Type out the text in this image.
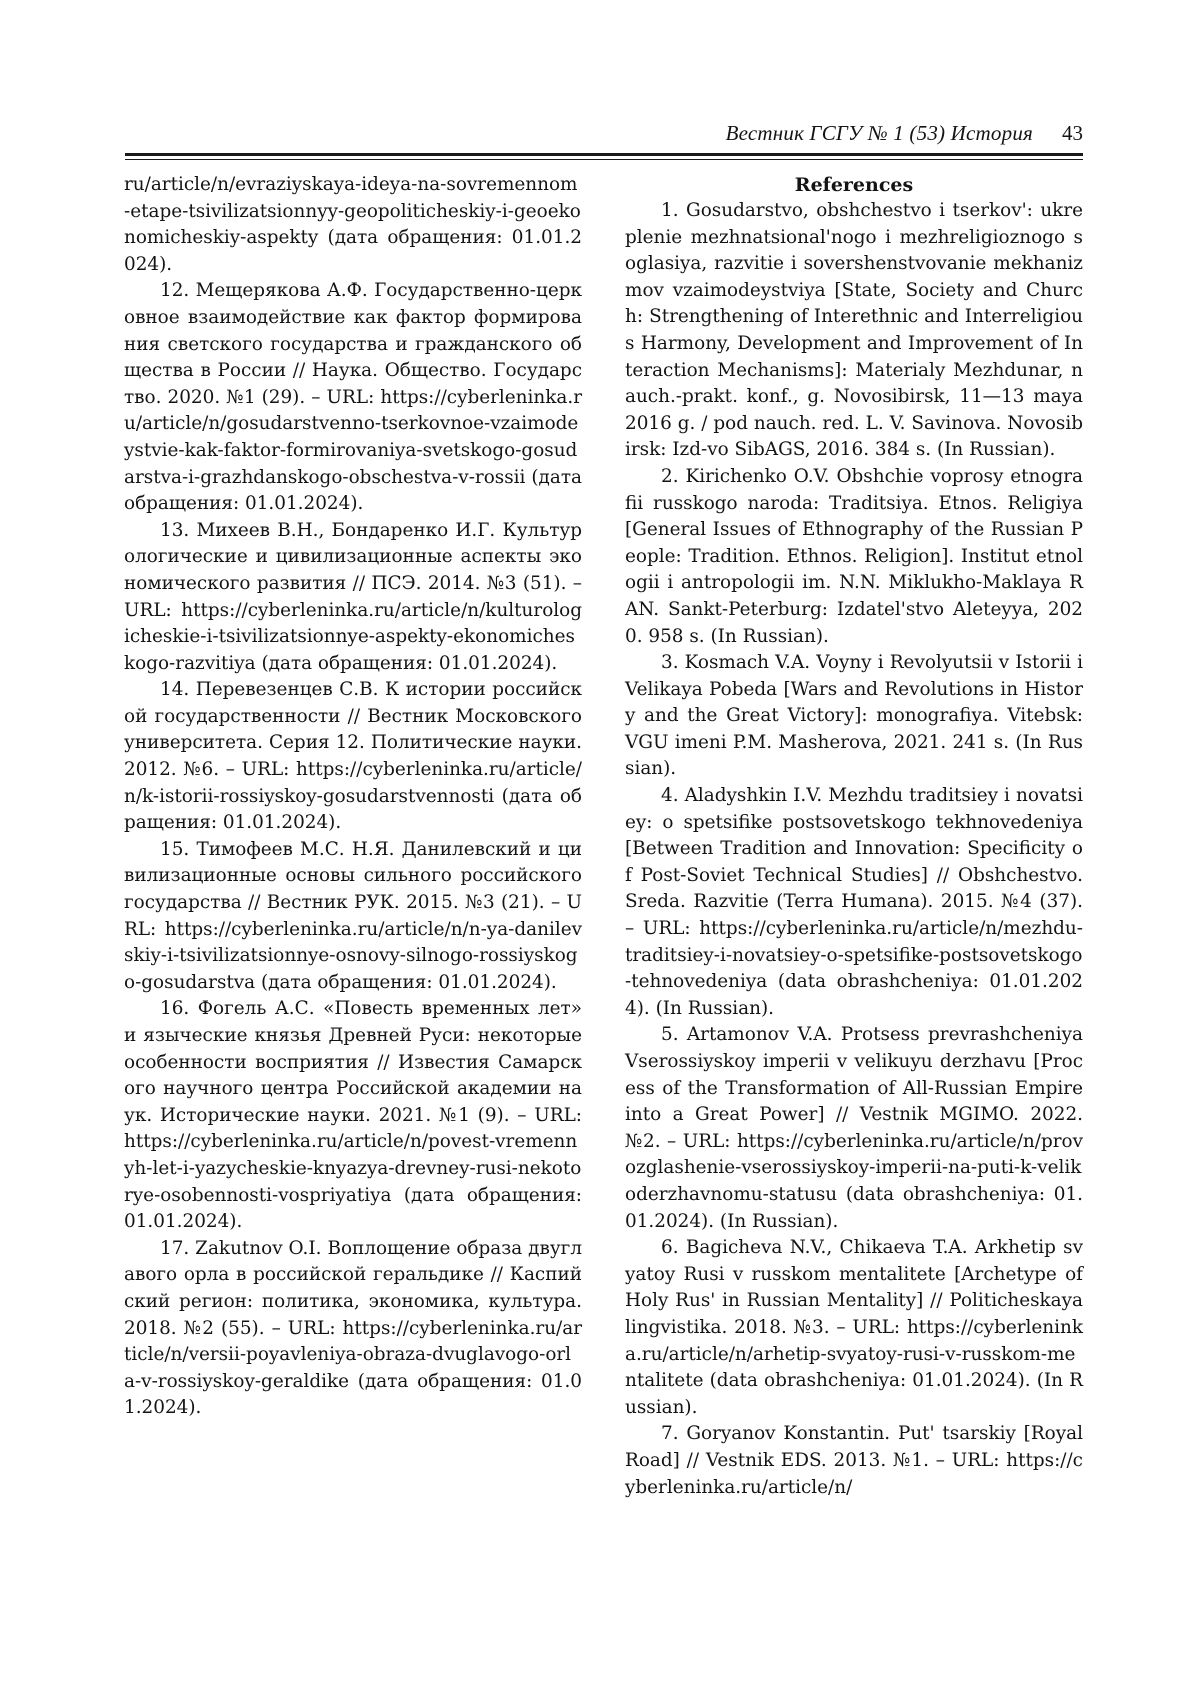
Вестник ГСГУ № 1 (53) История 43

ru/article/n/evraziyskaya-ideya-na-sovremennom-etape-tsivilizatsionnyy-geopoliticheskiy-i-geoekonomicheskiy-aspekty (дата обращения: 01.01.2024).

12. Мещерякова А.Ф. Государственно-церковное взаимодействие как фактор формирования светского государства и гражданского общества в России // Наука. Общество. Государство. 2020. №1 (29). – URL: https://cyberleninka.ru/article/n/gosudarstvenno-tserkovnoe-vzaimodeystvie-kak-faktor-formirovaniya-svetskogo-gosudarstva-i-grazhdanskogo-obschestva-v-rossii (дата обращения: 01.01.2024).

13. Михеев В.Н., Бондаренко И.Г. Культурологические и цивилизационные аспекты экономического развития // ПСЭ. 2014. №3 (51). – URL: https://cyberleninka.ru/article/n/kulturologicheskie-i-tsivilizatsionnye-aspekty-ekonomicheskogo-razvitiya (дата обращения: 01.01.2024).

14. Перевезенцев С.В. К истории российской государственности // Вестник Московского университета. Серия 12. Политические науки. 2012. №6. – URL: https://cyberleninka.ru/article/n/k-istorii-rossiyskoy-gosudarstvennosti (дата обращения: 01.01.2024).

15. Тимофеев М.С. Н.Я. Данилевский и цивилизационные основы сильного российского государства // Вестник РУК. 2015. №3 (21). – URL: https://cyberleninka.ru/article/n/n-ya-danilevskiy-i-tsivilizatsionnye-osnovy-silnogo-rossiyskogo-gosudarstva (дата обращения: 01.01.2024).

16. Фогель А.С. «Повесть временных лет» и языческие князья Древней Руси: некоторые особенности восприятия // Известия Самарского научного центра Российской академии наук. Исторические науки. 2021. №1 (9). – URL: https://cyberleninka.ru/article/n/povest-vremennyh-let-i-yazycheskie-knyazya-drevney-rusi-nekotorye-osobennosti-vospriyatiya (дата обращения: 01.01.2024).

17. Zakutnov O.I. Воплощение образа двуглавого орла в российской геральдике // Каспийский регион: политика, экономика, культура. 2018. №2 (55). – URL: https://cyberleninka.ru/article/n/versii-poyavleniya-obraza-dvuglavogo-orla-v-rossiyskoy-geraldike (дата обращения: 01.01.2024).

References

1. Gosudarstvo, obshchestvo i tserkov': ukreplenie mezhnatsional'nogo i mezhreligioznogo soglasiya, razvitie i sovershenstvovanie mekhanizmov vzaimodeystviya [State, Society and Church: Strengthening of Interethnic and Interreligious Harmony, Development and Improvement of Interaction Mechanisms]: Materialy Mezhdunar, nauch.-prakt. konf., g. Novosibirsk, 11—13 maya 2016 g. / pod nauch. red. L. V. Savinova. Novosibirsk: Izd-vo SibAGS, 2016. 384 s. (In Russian).

2. Kirichenko O.V. Obshchie voprosy etnografii russkogo naroda: Traditsiya. Etnos. Religiya [General Issues of Ethnography of the Russian People: Tradition. Ethnos. Religion]. Institut etnologii i antropologii im. N.N. Miklukho-Maklaya RAN. Sankt-Peterburg: Izdatel'stvo Aleteyya, 2020. 958 s. (In Russian).

3. Kosmach V.A. Voyny i Revolyutsii v Istorii i Velikaya Pobeda [Wars and Revolutions in History and the Great Victory]: monografiya. Vitebsk: VGU imeni P.M. Masherova, 2021. 241 s. (In Russian).

4. Aladyshkin I.V. Mezhdu traditsiey i novatsiey: o spetsifike postsovetskogo tekhnovedeniya [Between Tradition and Innovation: Specificity of Post-Soviet Technical Studies] // Obshchestvo. Sreda. Razvitie (Terra Humana). 2015. №4 (37). – URL: https://cyberleninka.ru/article/n/mezhdu-traditsiey-i-novatsiey-o-spetsifike-postsovetskogo-tehnovedeniya (data obrashcheniya: 01.01.2024). (In Russian).

5. Artamonov V.A. Protsess prevrashcheniya Vserossiyskoy imperii v velikuyu derzhavu [Process of the Transformation of All-Russian Empire into a Great Power] // Vestnik MGIMO. 2022. №2. – URL: https://cyberleninka.ru/article/n/provozglashenie-vserossiyskoy-imperii-na-puti-k-velikoderzhavnomu-statusu (data obrashcheniya: 01.01.2024). (In Russian).

6. Bagicheva N.V., Chikaeva T.A. Arkhetip svyatoy Rusi v russkom mentalitete [Archetype of Holy Rus' in Russian Mentality] // Politicheskaya lingvistika. 2018. №3. – URL: https://cyberleninka.ru/article/n/arhetip-svyatoy-rusi-v-russkom-mentalitete (data obrashcheniya: 01.01.2024). (In Russian).

7. Goryanov Konstantin. Put' tsarskiy [Royal Road] // Vestnik EDS. 2013. №1. – URL: https://cyberleninka.ru/article/n/
